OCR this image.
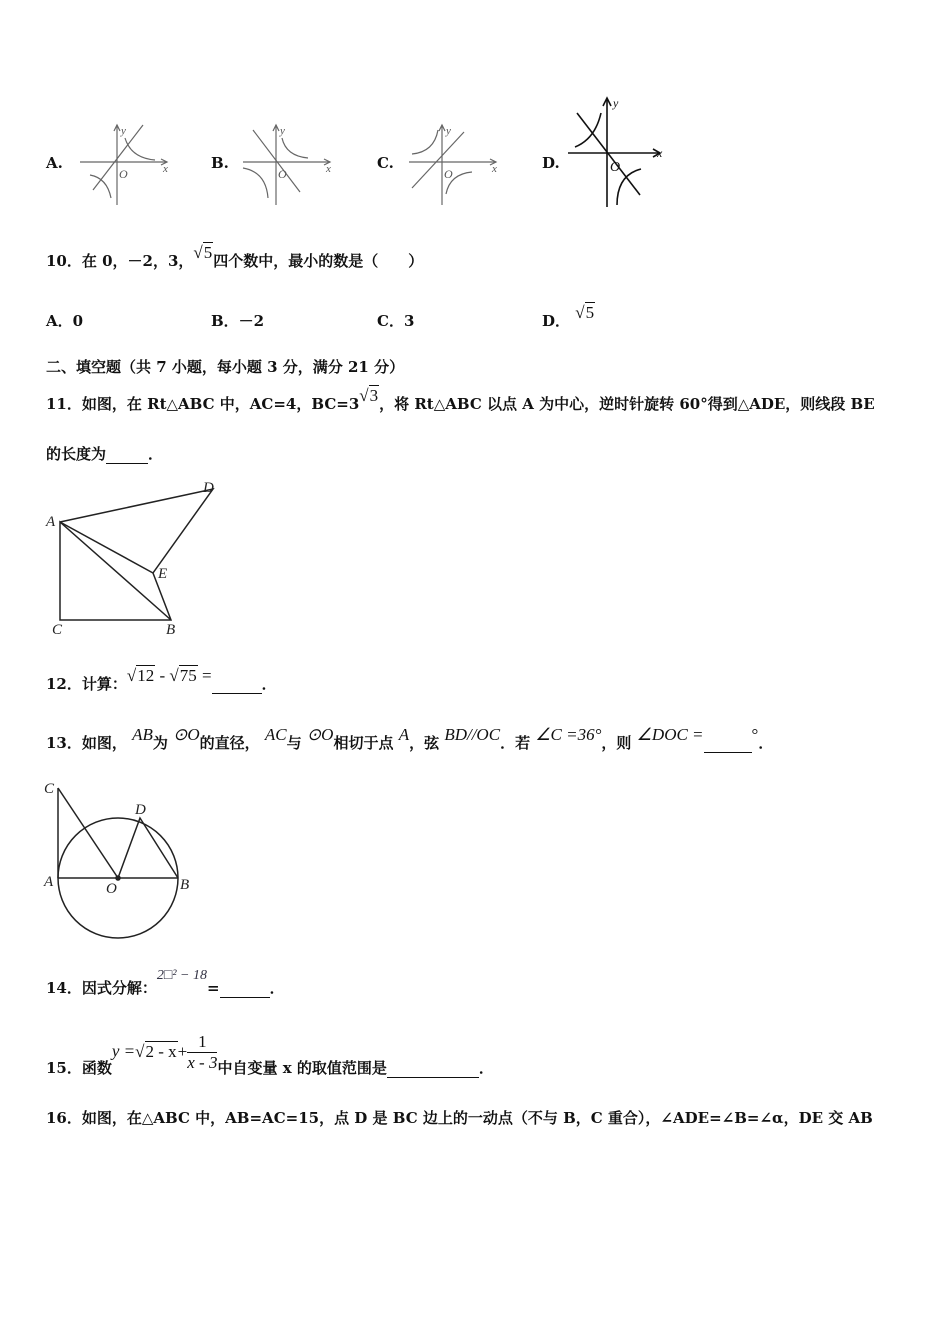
A.	B.	C.	D.
y
x
O
y
x
O
y
x
O
y
x
O
10．在 0，－2，3，√5四个数中，最小的数是（　　）
A．0	B．－2	C．3	D． √5
二、填空题（共 7 小题，每小题 3 分，满分 21 分）
11．如图，在 Rt△ABC 中，AC=4，BC=3√3，将 Rt△ABC 以点 A 为中心，逆时针旋转 60°得到△ADE，则线段 BE
的长度为	．
A
D
E
C	B
12．计算：√12 - √75 =	．
13．如图， AB为 ⊙O的直径， AC与 ⊙O相切于点 A，弦 BD//OC．若 ∠C =36°，则 ∠DOC =	°．
C
D
A	O	B
14．因式分解：2□² − 18=	．
15．函数$y =√2 - x+ \frac{1}{x - 3}$ 中自变量 x 的取值范围是	．
16．如图，在△ABC 中，AB=AC=15，点 D 是 BC 边上的一动点（不与 B，C 重合），∠ADE=∠B=∠α，DE 交 AB
